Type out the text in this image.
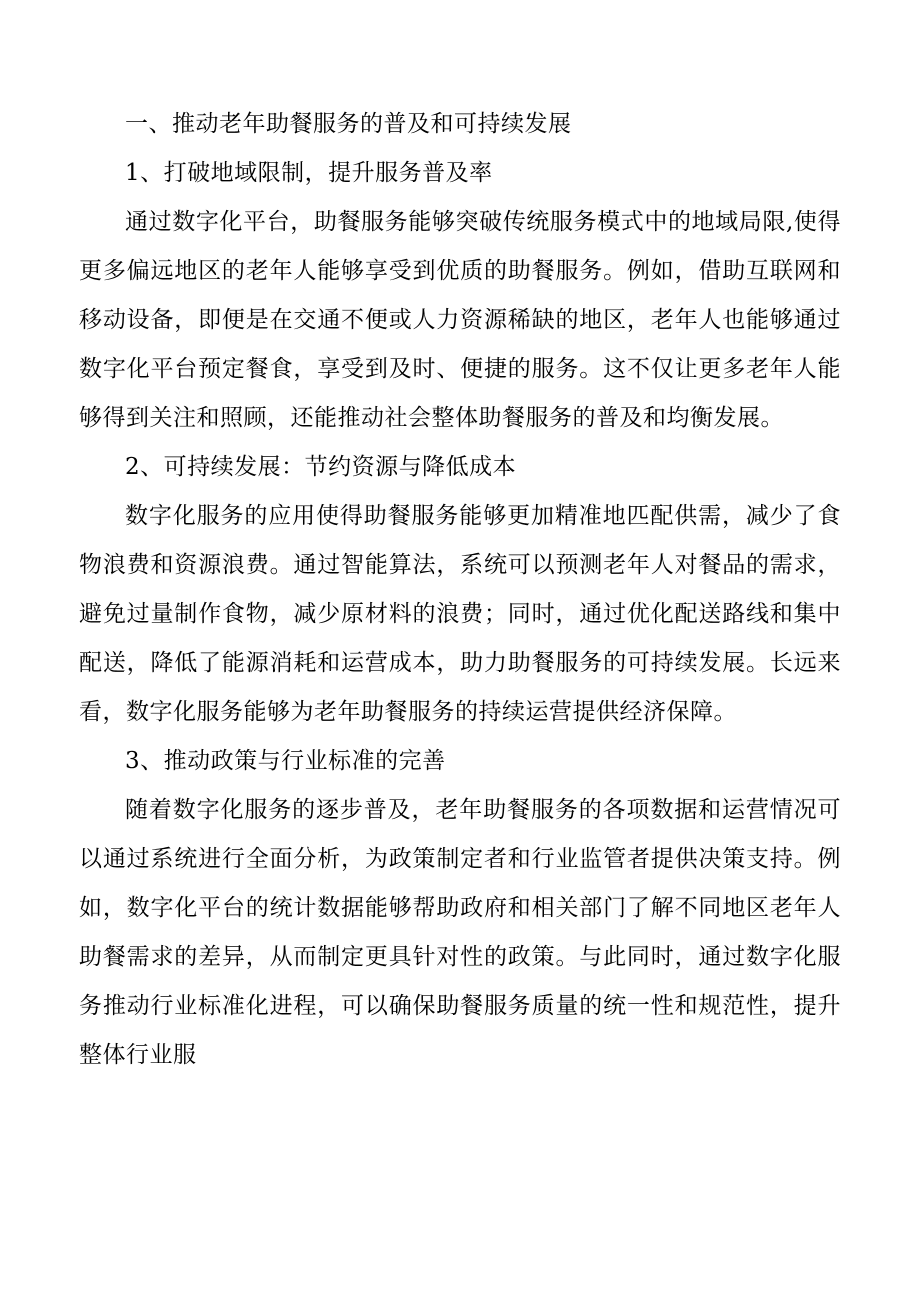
一、推动老年助餐服务的普及和可持续发展

1、打破地域限制，提升服务普及率

通过数字化平台，助餐服务能够突破传统服务模式中的地域局限,使得更多偏远地区的老年人能够享受到优质的助餐服务。例如，借助互联网和移动设备，即便是在交通不便或人力资源稀缺的地区，老年人也能够通过数字化平台预定餐食，享受到及时、便捷的服务。这不仅让更多老年人能够得到关注和照顾，还能推动社会整体助餐服务的普及和均衡发展。

2、可持续发展：节约资源与降低成本

数字化服务的应用使得助餐服务能够更加精准地匹配供需，减少了食物浪费和资源浪费。通过智能算法，系统可以预测老年人对餐品的需求，避免过量制作食物，减少原材料的浪费；同时，通过优化配送路线和集中配送，降低了能源消耗和运营成本，助力助餐服务的可持续发展。长远来看，数字化服务能够为老年助餐服务的持续运营提供经济保障。

3、推动政策与行业标准的完善

随着数字化服务的逐步普及，老年助餐服务的各项数据和运营情况可以通过系统进行全面分析，为政策制定者和行业监管者提供决策支持。例如，数字化平台的统计数据能够帮助政府和相关部门了解不同地区老年人助餐需求的差异，从而制定更具针对性的政策。与此同时，通过数字化服务推动行业标准化进程，可以确保助餐服务质量的统一性和规范性，提升整体行业服
